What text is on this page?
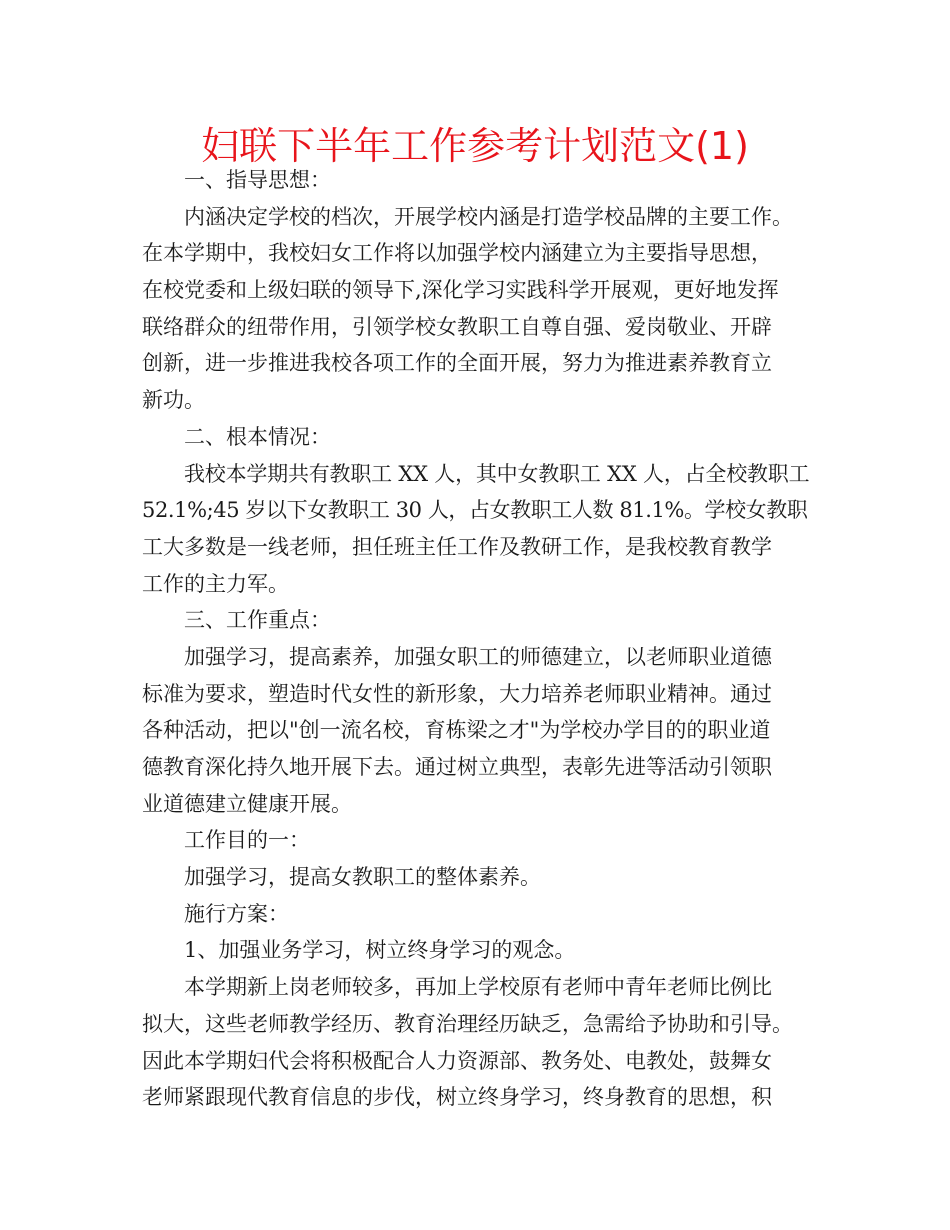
妇联下半年工作参考计划范文(1)
一、指导思想：
内涵决定学校的档次，开展学校内涵是打造学校品牌的主要工作。
在本学期中，我校妇女工作将以加强学校内涵建立为主要指导思想，
在校党委和上级妇联的领导下,深化学习实践科学开展观，更好地发挥
联络群众的纽带作用，引领学校女教职工自尊自强、爱岗敬业、开辟
创新，进一步推进我校各项工作的全面开展，努力为推进素养教育立
新功。
二、根本情况：
我校本学期共有教职工 XX 人，其中女教职工 XX 人，占全校教职工
52.1%;45 岁以下女教职工 30 人，占女教职工人数 81.1%。学校女教职
工大多数是一线老师，担任班主任工作及教研工作，是我校教育教学
工作的主力军。
三、工作重点：
加强学习，提高素养，加强女职工的师德建立，以老师职业道德
标准为要求，塑造时代女性的新形象，大力培养老师职业精神。通过
各种活动，把以"创一流名校，育栋梁之才"为学校办学目的的职业道
德教育深化持久地开展下去。通过树立典型，表彰先进等活动引领职
业道德建立健康开展。
工作目的一：
加强学习，提高女教职工的整体素养。
施行方案：
1、加强业务学习，树立终身学习的观念。
本学期新上岗老师较多，再加上学校原有老师中青年老师比例比
拟大，这些老师教学经历、教育治理经历缺乏，急需给予协助和引导。
因此本学期妇代会将积极配合人力资源部、教务处、电教处，鼓舞女
老师紧跟现代教育信息的步伐，树立终身学习，终身教育的思想，积
